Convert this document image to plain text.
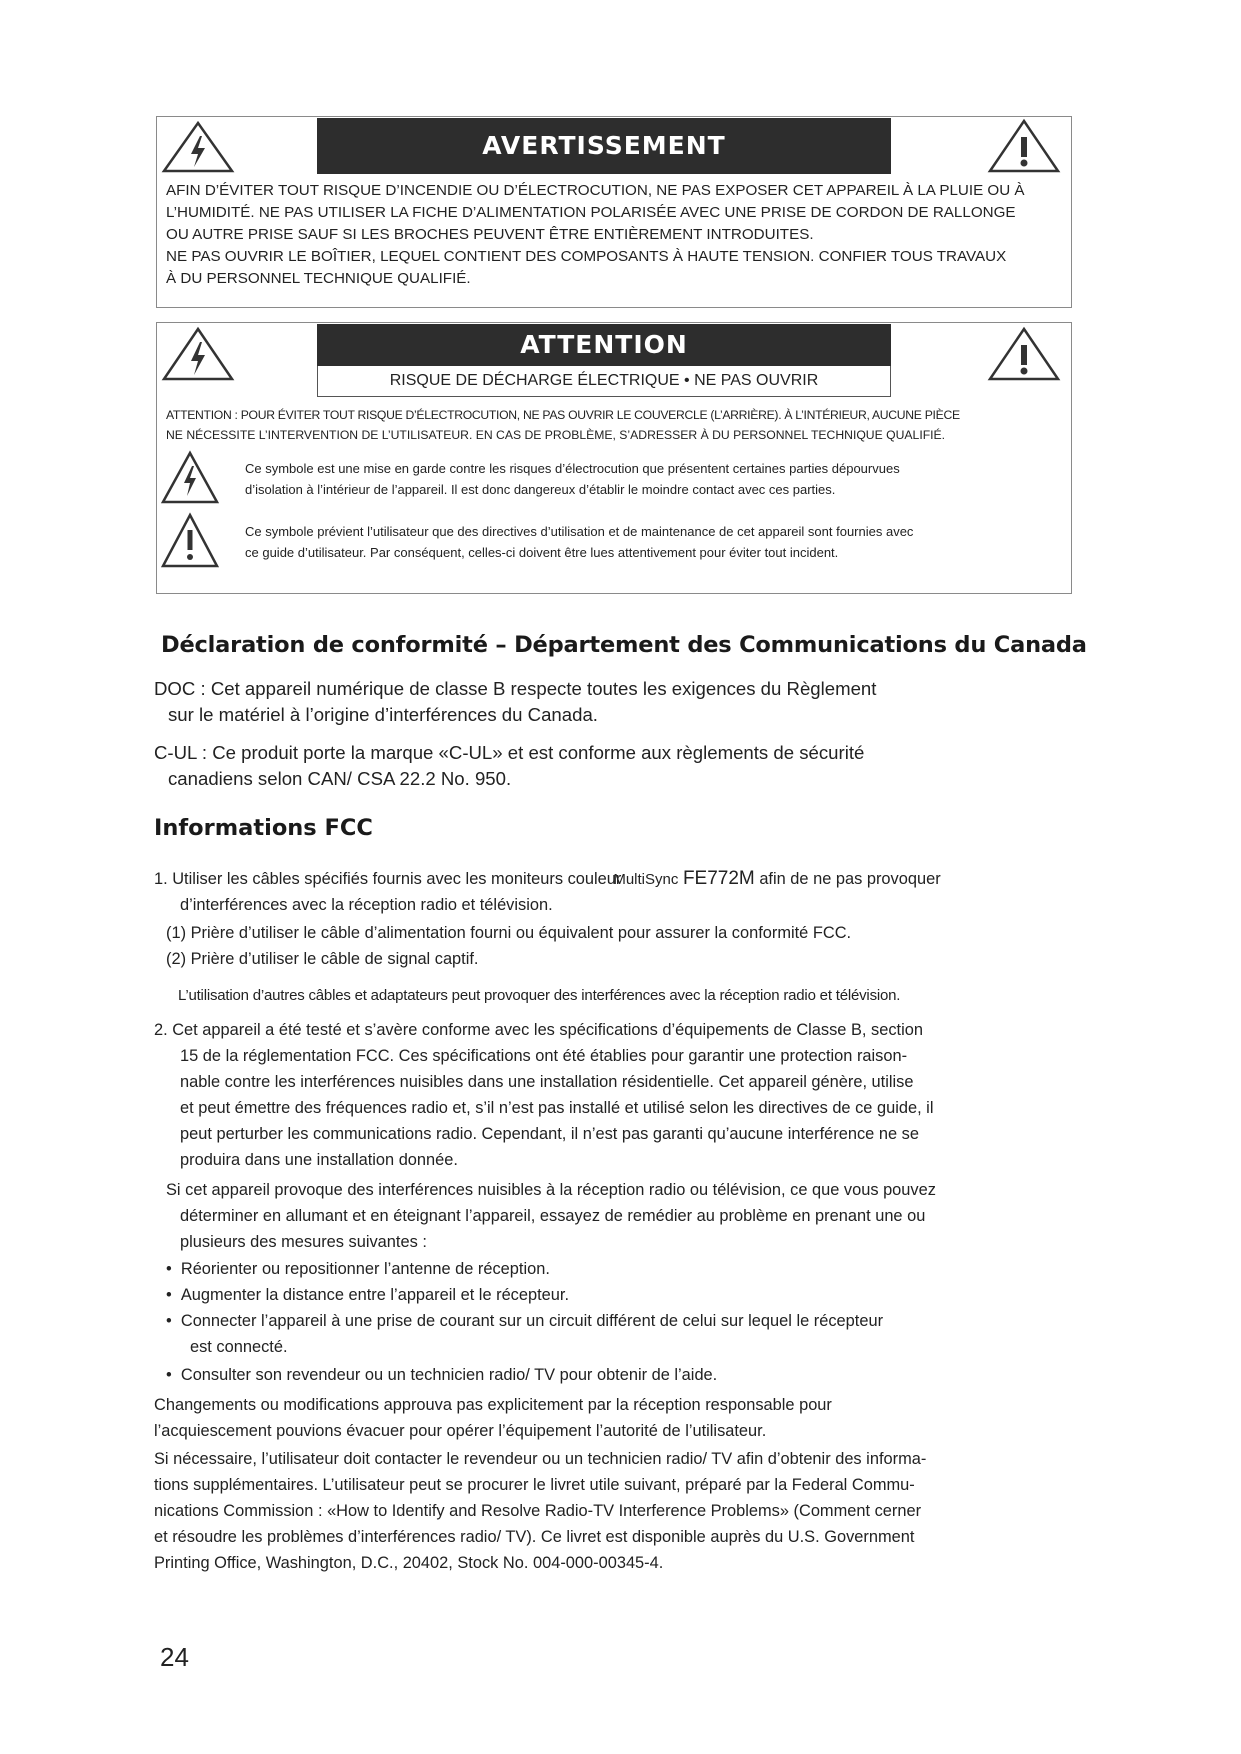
AVERTISSEMENT
AFIN D’ÉVITER TOUT RISQUE D’INCENDIE OU D’ÉLECTROCUTION, NE PAS EXPOSER CET APPAREIL À LA PLUIE OU À
L’HUMIDITÉ. NE PAS UTILISER LA FICHE D’ALIMENTATION POLARISÉE AVEC UNE PRISE DE CORDON DE RALLONGE
OU AUTRE PRISE SAUF SI LES BROCHES PEUVENT ÊTRE ENTIÈREMENT INTRODUITES.
NE PAS OUVRIR LE BOÎTIER, LEQUEL CONTIENT DES COMPOSANTS À HAUTE TENSION. CONFIER TOUS TRAVAUX
À DU PERSONNEL TECHNIQUE QUALIFIÉ.
ATTENTION
RISQUE DE DÉCHARGE ÉLECTRIQUE • NE PAS OUVRIR
ATTENTION : POUR ÉVITER TOUT RISQUE D’ÉLECTROCUTION, NE PAS OUVRIR LE COUVERCLE (L’ARRIÈRE). À L’INTÉRIEUR, AUCUNE PIÈCE
NE NÉCESSITE L’INTERVENTION DE L’UTILISATEUR. EN CAS DE PROBLÈME, S’ADRESSER À DU PERSONNEL TECHNIQUE QUALIFIÉ.
Ce symbole est une mise en garde contre les risques d’électrocution que présentent certaines parties dépourvues
d’isolation à l’intérieur de l’appareil. Il est donc dangereux d’établir le moindre contact avec ces parties.
Ce symbole prévient l’utilisateur que des directives d’utilisation et de maintenance de cet appareil sont fournies avec
ce guide d’utilisateur. Par conséquent, celles-ci doivent être lues attentivement pour éviter tout incident.
Déclaration de conformité – Département des Communications du Canada
DOC : Cet appareil numérique de classe B respecte toutes les exigences du Règlement
sur le matériel à l’origine d’interférences du Canada.
C-UL : Ce produit porte la marque «C-UL» et est conforme aux règlements de sécurité
canadiens selon CAN/ CSA 22.2 No. 950.
Informations FCC
1. Utiliser les câbles spécifiés fournis avec les moniteurs couleurMultiSync FE772M afin de ne pas provoquer
d’interférences avec la réception radio et télévision.
(1) Prière d’utiliser le câble d’alimentation fourni ou équivalent pour assurer la conformité FCC.
(2) Prière d’utiliser le câble de signal captif.
L’utilisation d’autres câbles et adaptateurs peut provoquer des interférences avec la réception radio et télévision.
2. Cet appareil a été testé et s’avère conforme avec les spécifications d’équipements de Classe B, section
15 de la réglementation FCC. Ces spécifications ont été établies pour garantir une protection raison-
nable contre les interférences nuisibles dans une installation résidentielle. Cet appareil génère, utilise
et peut émettre des fréquences radio et, s’il n’est pas installé et utilisé selon les directives de ce guide, il
peut perturber les communications radio. Cependant, il n’est pas garanti qu’aucune interférence ne se
produira dans une installation donnée.
Si cet appareil provoque des interférences nuisibles à la réception radio ou télévision, ce que vous pouvez
déterminer en allumant et en éteignant l’appareil, essayez de remédier au problème en prenant une ou
plusieurs des mesures suivantes :
•  Réorienter ou repositionner l’antenne de réception.
•  Augmenter la distance entre l’appareil et le récepteur.
•  Connecter l’appareil à une prise de courant sur un circuit différent de celui sur lequel le récepteur
est connecté.
•  Consulter son revendeur ou un technicien radio/ TV pour obtenir de l’aide.
Changements ou modifications approuva pas explicitement par la réception responsable pour
l’acquiescement pouvions évacuer pour opérer l’équipement l’autorité de l’utilisateur.
Si nécessaire, l’utilisateur doit contacter le revendeur ou un technicien radio/ TV afin d’obtenir des informa-
tions supplémentaires. L’utilisateur peut se procurer le livret utile suivant, préparé par la Federal Commu-
nications Commission : «How to Identify and Resolve Radio-TV Interference Problems» (Comment cerner
et résoudre les problèmes d’interférences radio/ TV). Ce livret est disponible auprès du U.S. Government
Printing Office, Washington, D.C., 20402, Stock No. 004-000-00345-4.
24
